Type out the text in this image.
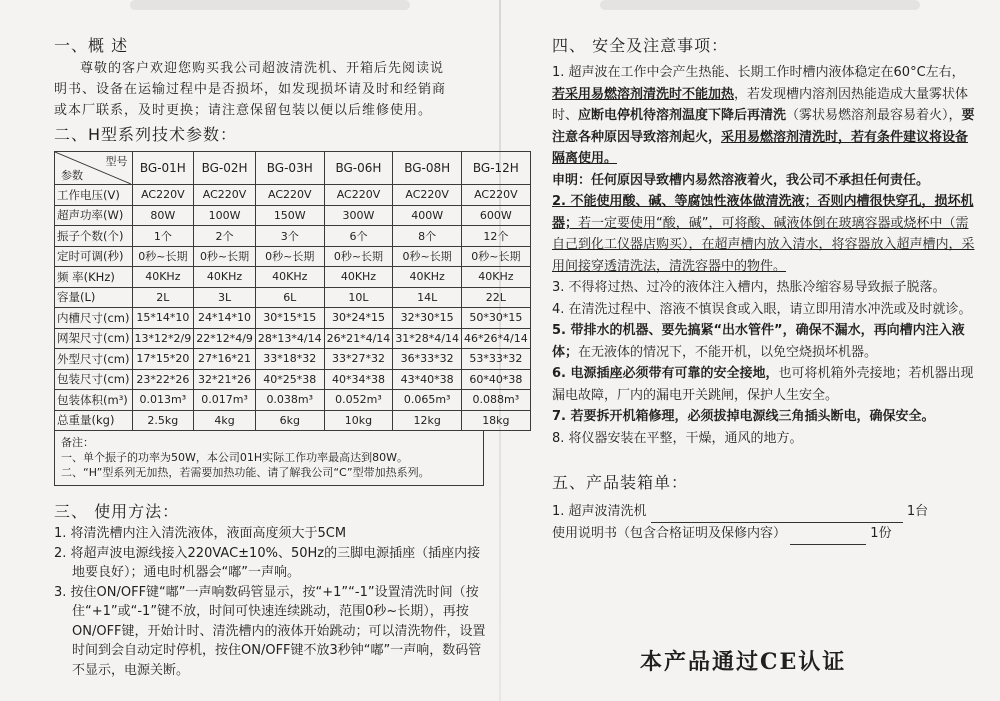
一、概 述

尊敬的客户欢迎您购买我公司超波清洗机、开箱后先阅读说

明书、设备在运输过程中是否损坏，如发现损坏请及时和经销商

或本厂联系，及时更换；请注意保留包装以便以后维修使用。

二、H型系列技术参数：
型号
参数	BG-01H	BG-02H	BG-03H	BG-06H	BG-08H	BG-12H
工作电压(V)	AC220V	AC220V	AC220V	AC220V	AC220V	AC220V
超声功率(W)	80W	100W	150W	300W	400W	600W
振子个数(个)	1个	2个	3个	6个	8个	12个
定时可调(秒)	0秒~长期	0秒~长期	0秒~长期	0秒~长期	0秒~长期	0秒~长期
频 率(KHz)	40KHz	40KHz	40KHz	40KHz	40KHz	40KHz
容量(L)	2L	3L	6L	10L	14L	22L
内槽尺寸(cm)	15*14*10	24*14*10	30*15*15	30*24*15	32*30*15	50*30*15
网架尺寸(cm)	13*12*2/9	22*12*4/9	28*13*4/14	26*21*4/14	31*28*4/14	46*26*4/14
外型尺寸(cm)	17*15*20	27*16*21	33*18*32	33*27*32	36*33*32	53*33*32
包装尺寸(cm)	23*22*26	32*21*26	40*25*38	40*34*38	43*40*38	60*40*38
包装体积(m³)	0.013m³	0.017m³	0.038m³	0.052m³	0.065m³	0.088m³
总重量(kg)	2.5kg	4kg	6kg	10kg	12kg	18kg
备注：
一、单个振子的功率为50W，本公司01H实际工作功率最高达到80W。
二、“H”型系列无加热，若需要加热功能、请了解我公司“C”型带加热系列。
三、 使用方法：
1. 将清洗槽内注入清洗液体，液面高度须大于5CM
2. 将超声波电源线接入220VAC±10%、50Hz的三脚电源插座（插座内接地要良好）；通电时机器会“嘟”一声响。
3. 按住ON/OFF键“嘟”一声响数码管显示，按“+1”“-1”设置清洗时间（按住“+1”或“-1”键不放，时间可快速连续跳动，范围0秒~长期），再按ON/OFF键，开始计时、清洗槽内的液体开始跳动；可以清洗物件，设置时间到会自动定时停机，按住ON/OFF键不放3秒钟“嘟”一声响，数码管不显示，电源关断。
四、 安全及注意事项：
1. 超声波在工作中会产生热能、长期工作时槽内液体稳定在60°C左右，若采用易燃溶剂清洗时不能加热，若发现槽内溶剂因热能造成大量雾状体时、应断电停机待溶剂温度下降后再清洗（雾状易燃溶剂最容易着火），要注意各种原因导致溶剂起火，采用易燃溶剂清洗时，若有条件建议将设备隔离使用。
申明：任何原因导致槽内易然溶液着火，我公司不承担任何责任。
2. 不能使用酸、碱、等腐蚀性液体做清洗液；否则内槽很快穿孔，损坏机器；若一定要使用“酸，碱”，可将酸、碱液体倒在玻璃容器或烧杯中（需自己到化工仪器店购买），在超声槽内放入清水，将容器放入超声槽内，采用间接穿透清洗法，清洗容器中的物件。
3. 不得将过热、过冷的液体注入槽内，热胀冷缩容易导致振子脱落。
4. 在清洗过程中、溶液不慎误食或入眼，请立即用清水冲洗或及时就诊。
5. 带排水的机器、要先搞紧“出水管件”，确保不漏水，再向槽内注入液体；在无液体的情况下，不能开机，以免空烧损坏机器。
6. 电源插座必须带有可靠的安全接地，也可将机箱外壳接地；若机器出现漏电故障，厂内的漏电开关跳闸，保护人生安全。
7. 若要拆开机箱修理，必须拔掉电源线三角插头断电，确保安全。
8. 将仪器安装在平整，干燥，通风的地方。
五、产品装箱单：
1. 超声波清洗机	1台
使用说明书（包含合格证明及保修内容）	1份
本产品通过CE认证
